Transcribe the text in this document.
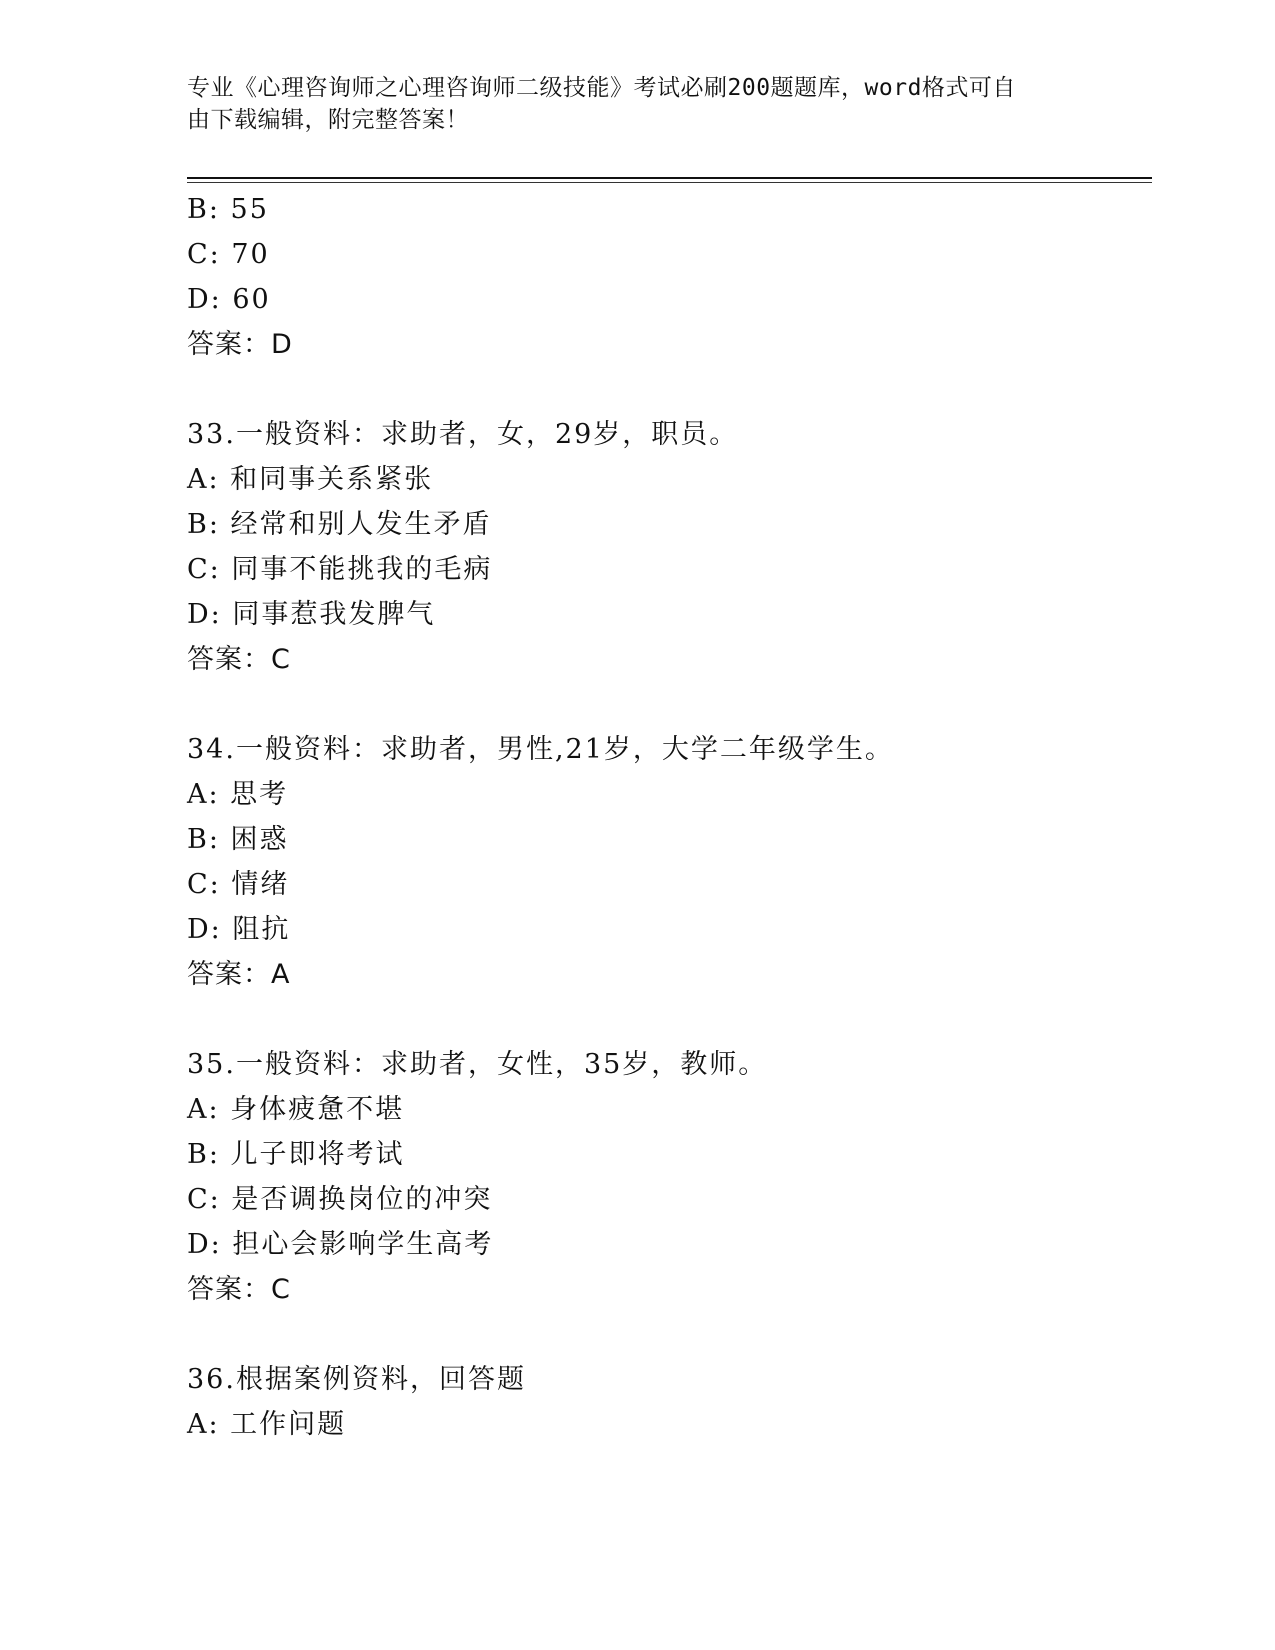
专业《心理咨询师之心理咨询师二级技能》考试必刷200题题库，word格式可自
由下载编辑，附完整答案！
B: 55
C: 70
D: 60
答案：D
33.一般资料：求助者，女，29岁，职员。
A: 和同事关系紧张
B: 经常和别人发生矛盾
C: 同事不能挑我的毛病
D: 同事惹我发脾气
答案：C
34.一般资料：求助者，男性,21岁，大学二年级学生。
A: 思考
B: 困惑
C: 情绪
D: 阻抗
答案：A
35.一般资料：求助者，女性，35岁，教师。
A: 身体疲惫不堪
B: 儿子即将考试
C: 是否调换岗位的冲突
D: 担心会影响学生高考
答案：C
36.根据案例资料，回答题
A: 工作问题
